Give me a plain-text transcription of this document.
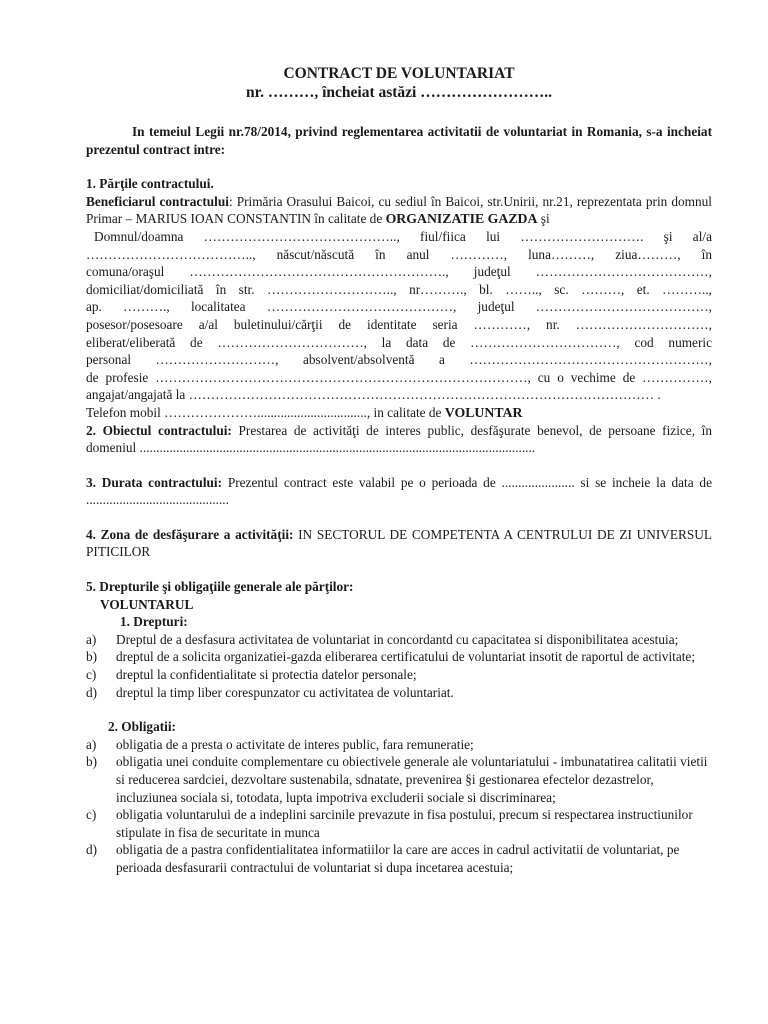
CONTRACT DE VOLUNTARIAT

nr. ………, încheiat astăzi ……………………..

In temeiul Legii nr.78/2014, privind reglementarea activitatii de voluntariat in Romania, s-a incheiat prezentul contract intre:

1. Părţile contractului.

Beneficiarul contractului: Primăria Orasului Baicoi, cu sediul în Baicoi, str.Unirii, nr.21, reprezentata prin domnul Primar – MARIUS IOAN CONSTANTIN în calitate de ORGANIZATIE GAZDA şi

Domnul/doamna …………………………………….., fiul/fiica lui ………………………. şi al/a

……………………………….., născut/născută în anul …………, luna………, ziua………, în

comuna/oraşul …………………………………………………., judeţul …………………………………,

domiciliat/domiciliată în str. ……………………….., nr………., bl. …….., sc. ………, et. ………..,

ap. ………., localitatea ……………………………………, judeţul …………………………………,

posesor/posesoare a/al buletinului/cărţii de identitate seria …………, nr. …………………………,

eliberat/eliberată de ……………………………, la data de ……………………………, cod numeric

personal ………………………, absolvent/absolventă a ………………………………………………,

de profesie …………………………………………………………………………, cu o vechime de ……………,

angajat/angajată la …………………………………………………………………………………………… .

Telefon mobil …………………................................., in calitate de VOLUNTAR

2. Obiectul contractului: Prestarea de activităţi de interes public, desfăşurate benevol, de persoane fizice, în domeniul .......................................................................................................................

3. Durata contractului: Prezentul contract este valabil pe o perioada de ...................... si se incheie la data de ...........................................

4. Zona de desfăşurare a activităţii: IN SECTORUL DE COMPETENTA A CENTRULUI DE ZI UNIVERSUL PITICILOR

5. Drepturile şi obligaţiile generale ale părţilor:

VOLUNTARUL

1. Drepturi:

a) Dreptul de a desfasura activitatea de voluntariat in concordantd cu capacitatea si disponibilitatea acestuia;
b) dreptul de a solicita organizatiei-gazda eliberarea certificatului de voluntariat insotit de raportul de activitate;
c) dreptul la confidentialitate si protectia datelor personale;
d) dreptul la timp liber corespunzator cu activitatea de voluntariat.

2. Obligatii:

a) obligatia de a presta o activitate de interes public, fara remuneratie;
b) obligatia unei conduite complementare cu obiectivele generale ale voluntariatului - imbunatatirea calitatii vietii si reducerea sardciei, dezvoltare sustenabila, sdnatate, prevenirea §i gestionarea efectelor dezastrelor, incluziunea sociala si, totodata, lupta impotriva excluderii sociale si discriminarea;
c) obligatia voluntarului de a indeplini sarcinile prevazute in fisa postului, precum si respectarea instructiunilor stipulate in fisa de securitate in munca
d) obligatia de a pastra confidentialitatea informatiilor la care are acces in cadrul activitatii de voluntariat, pe perioada desfasurarii contractului de voluntariat si dupa incetarea acestuia;
